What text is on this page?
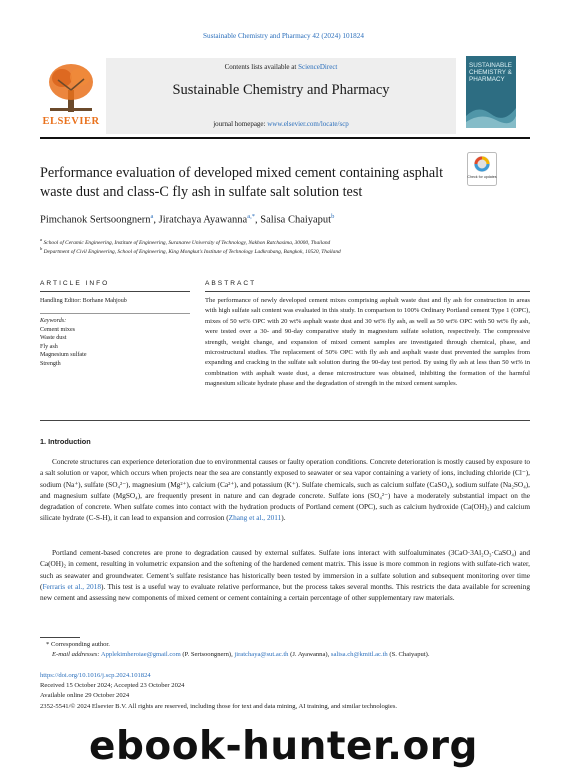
Sustainable Chemistry and Pharmacy 42 (2024) 101824
ELSEVIER
Contents lists available at ScienceDirect
Sustainable Chemistry and Pharmacy
journal homepage: www.elsevier.com/locate/scp
SUSTAINABLE CHEMISTRY & PHARMACY
Performance evaluation of developed mixed cement containing asphalt waste dust and class-C fly ash in sulfate salt solution test
Check for updates
Pimchanok Sertsoongnern$^a$, Jiratchaya Ayawanna$^{a,*}$, Salisa Chaiyaput$^b$
$^a$ School of Ceramic Engineering, Institute of Engineering, Suranaree University of Technology, Nakhon Ratchasima, 30000, Thailand
$^b$ Department of Civil Engineering, School of Engineering, King Mongkut's Institute of Technology Ladkrabang, Bangkok, 10520, Thailand
ARTICLE INFO	ABSTRACT
Handling Editor: Borhane Mahjoub
Keywords:
Cement mixes
Waste dust
Fly ash
Magnesium sulfate
Strength
The performance of newly developed cement mixes comprising asphalt waste dust and fly ash for construction in areas with high sulfate salt content was evaluated in this study. In comparison to 100% Ordinary Portland cement Type 1 (OPC), mixes of 50 wt% OPC with 20 wt% asphalt waste dust and 30 wt% fly ash, as well as 50 wt% OPC with 50 wt% fly ash, were tested over a 30- and 90-day comparative study in magnesium sulfate solution, respectively. The compressive strength, weight change, and expansion of mixed cement samples are investigated through chemical, phase, and microstructural studies. The replacement of 50% OPC with fly ash and asphalt waste dust prevented the samples from expanding and cracking in the sulfate salt solution during the 90-day test period. By using fly ash at less than 50 wt% in combination with asphalt waste dust, a dense microstructure was obtained, inhibiting the formation of the harmful magnesium silicate hydrate phase and the degradation of strength in the mixed cement samples.
1. Introduction
Concrete structures can experience deterioration due to environmental causes or faulty operation conditions. Concrete deterioration is mostly caused by exposure to a salt solution or vapor, which occurs when projects near the sea are constantly exposed to seawater or sea vapor containing a variety of ions, including chloride (Cl⁻), sodium (Na⁺), sulfate (SO₄²⁻), magnesium (Mg²⁺), calcium (Ca²⁺), and potassium (K⁺). Sulfate chemicals, such as calcium sulfate (CaSO₄), sodium sulfate (Na₂SO₄), and magnesium sulfate (MgSO₄), are frequently present in nature and can degrade concrete. Sulfate ions (SO₄²⁻) have a moderately substantial impact on the degradation of concrete. When sulfate comes into contact with the hydration products of Portland cement (OPC), such as calcium hydroxide (Ca(OH)₂) and calcium silicate hydrate (C-S-H), it can lead to expansion and corrosion (Zhang et al., 2011).
Portland cement-based concretes are prone to degradation caused by external sulfates. Sulfate ions interact with sulfoaluminates (3CaO·3Al₂O₃·CaSO₄) and Ca(OH)₂ in cement, resulting in volumetric expansion and the softening of the hardened cement matrix. This issue is more common in regions with sulfate-rich water, such as seawater and groundwater. Cement’s sulfate resistance has historically been tested by immersion in a sulfate solution and subsequent monitoring over time (Ferraris et al., 2018). This test is a useful way to evaluate relative performance, but the process takes several months. This restricts the data available for screening new cement and assessing new components of mixed cement or cement containing a certain percentage of other supplementary raw materials.
* Corresponding author.
E-mail addresses: Applekimheroiae@gmail.com (P. Sertsoongnern), jiratchaya@sut.ac.th (J. Ayawanna), salisa.ch@kmitl.ac.th (S. Chaiyaput).
https://doi.org/10.1016/j.scp.2024.101824
Received 15 October 2024; Accepted 23 October 2024
Available online 29 October 2024
2352-5541/© 2024 Elsevier B.V. All rights are reserved, including those for text and data mining, AI training, and similar technologies.
ebook-hunter.org
